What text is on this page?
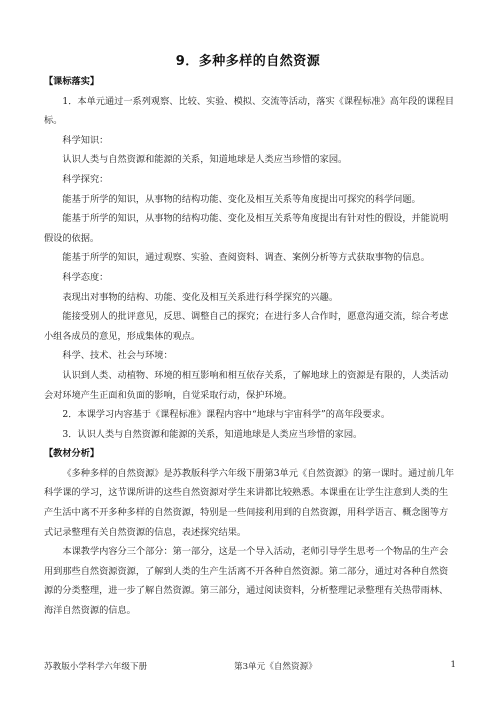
9．多种多样的自然资源

【课标落实】

1．本单元通过一系列观察、比较、实验、模拟、交流等活动，落实《课程标准》高年段的课程目标。

科学知识：

认识人类与自然资源和能源的关系，知道地球是人类应当珍惜的家园。

科学探究：

能基于所学的知识，从事物的结构功能、变化及相互关系等角度提出可探究的科学问题。

能基于所学的知识，从事物的结构功能、变化及相互关系等角度提出有针对性的假设，并能说明假设的依据。

能基于所学的知识，通过观察、实验、查阅资料、调查、案例分析等方式获取事物的信息。

科学态度：

表现出对事物的结构、功能、变化及相互关系进行科学探究的兴趣。

能接受别人的批评意见，反思、调整自己的探究；在进行多人合作时，愿意沟通交流，综合考虑小组各成员的意见，形成集体的观点。

科学、技术、社会与环境：

认识到人类、动植物、环境的相互影响和相互依存关系，了解地球上的资源是有限的，人类活动会对环境产生正面和负面的影响，自觉采取行动，保护环境。

2．本课学习内容基于《课程标准》课程内容中“地球与宇宙科学”的高年段要求。

3．认识人类与自然资源和能源的关系，知道地球是人类应当珍惜的家园。

【教材分析】

《多种多样的自然资源》是苏教版科学六年级下册第3单元《自然资源》的第一课时。通过前几年科学课的学习，这节课所讲的这些自然资源对学生来讲都比较熟悉。本课重在让学生注意到人类的生产生活中离不开多种多样的自然资源，特别是一些间接利用到的自然资源，用科学语言、概念图等方式记录整理有关自然资源的信息，表述探究结果。

本课教学内容分三个部分：第一部分，这是一个导入活动，老师引导学生思考一个物品的生产会用到那些自然资源资源，了解到人类的生产生活离不开各种自然资源。第二部分，通过对各种自然资源的分类整理，进一步了解自然资源。第三部分，通过阅读资料，分析整理记录整理有关热带雨林、海洋自然资源的信息。

苏教版小学科学六年级下册	第3单元《自然资源》	1
